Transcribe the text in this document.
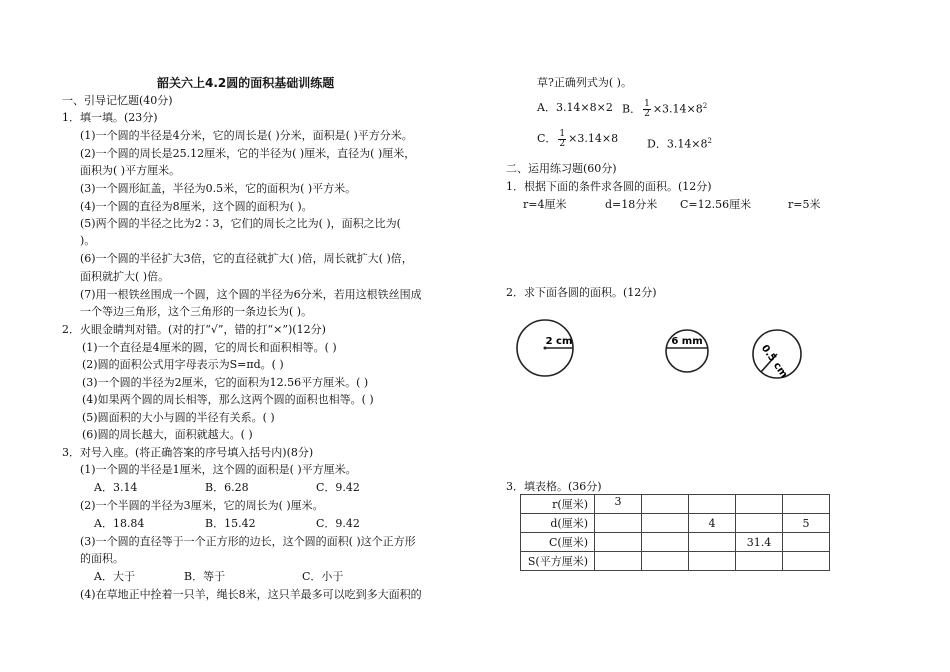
韶关六上4.2圆的面积基础训练题
一、引导记忆题(40分)
1．填一填。(23分)
(1)一个圆的半径是4分米，它的周长是( )分米，面积是( )平方分米。
(2)一个圆的周长是25.12厘米，它的半径为( )厘米，直径为( )厘米，
面积为( )平方厘米。
(3)一个圆形缸盖，半径为0.5米，它的面积为( )平方米。
(4)一个圆的直径为8厘米，这个圆的面积为( )。
(5)两个圆的半径之比为2∶3，它们的周长之比为( )，面积之比为(
)。
(6)一个圆的半径扩大3倍，它的直径就扩大( )倍，周长就扩大( )倍，
面积就扩大( )倍。
(7)用一根铁丝围成一个圆，这个圆的半径为6分米，若用这根铁丝围成
一个等边三角形，这个三角形的一条边长为( )。
2．火眼金睛判对错。(对的打“√”，错的打“×”)(12分)
(1)一个直径是4厘米的圆，它的周长和面积相等。( )
(2)圆的面积公式用字母表示为S=πd。( )
(3)一个圆的半径为2厘米，它的面积为12.56平方厘米。( )
(4)如果两个圆的周长相等，那么这两个圆的面积也相等。( )
(5)圆面积的大小与圆的半径有关系。( )
(6)圆的周长越大，面积就越大。( )
3．对号入座。(将正确答案的序号填入括号内)(8分)
(1)一个圆的半径是1厘米，这个圆的面积是( )平方厘米。
A．3.14	B．6.28	C．9.42
(2)一个半圆的半径为3厘米，它的周长为( )厘米。
A．18.84	B．15.42	C．9.42
(3)一个圆的直径等于一个正方形的边长，这个圆的面积( )这个正方形
的面积。
A．大于	B．等于	C．小于
(4)在草地正中拴着一只羊，绳长8米，这只羊最多可以吃到多大面积的
草?正确列式为( )。
A．3.14×8×2 B． $\frac{1}{2} \times 3.14\times 8^2$
C． $\frac{1}{2} \times 3.14\times 8$	D．$3.14\times 8^2$
二、运用练习题(60分)
1．根据下面的条件求各圆的面积。(12分)
r=4厘米	d=18分米 C=12.56厘米	r=5米
2．求下面各圆的面积。(12分)
2 cm	6 mm
0.5 cm
3．填表格。(36分)
r(厘米)	3				
d(厘米)			4		5
C(厘米)				31.4	
S(平方厘米)					
